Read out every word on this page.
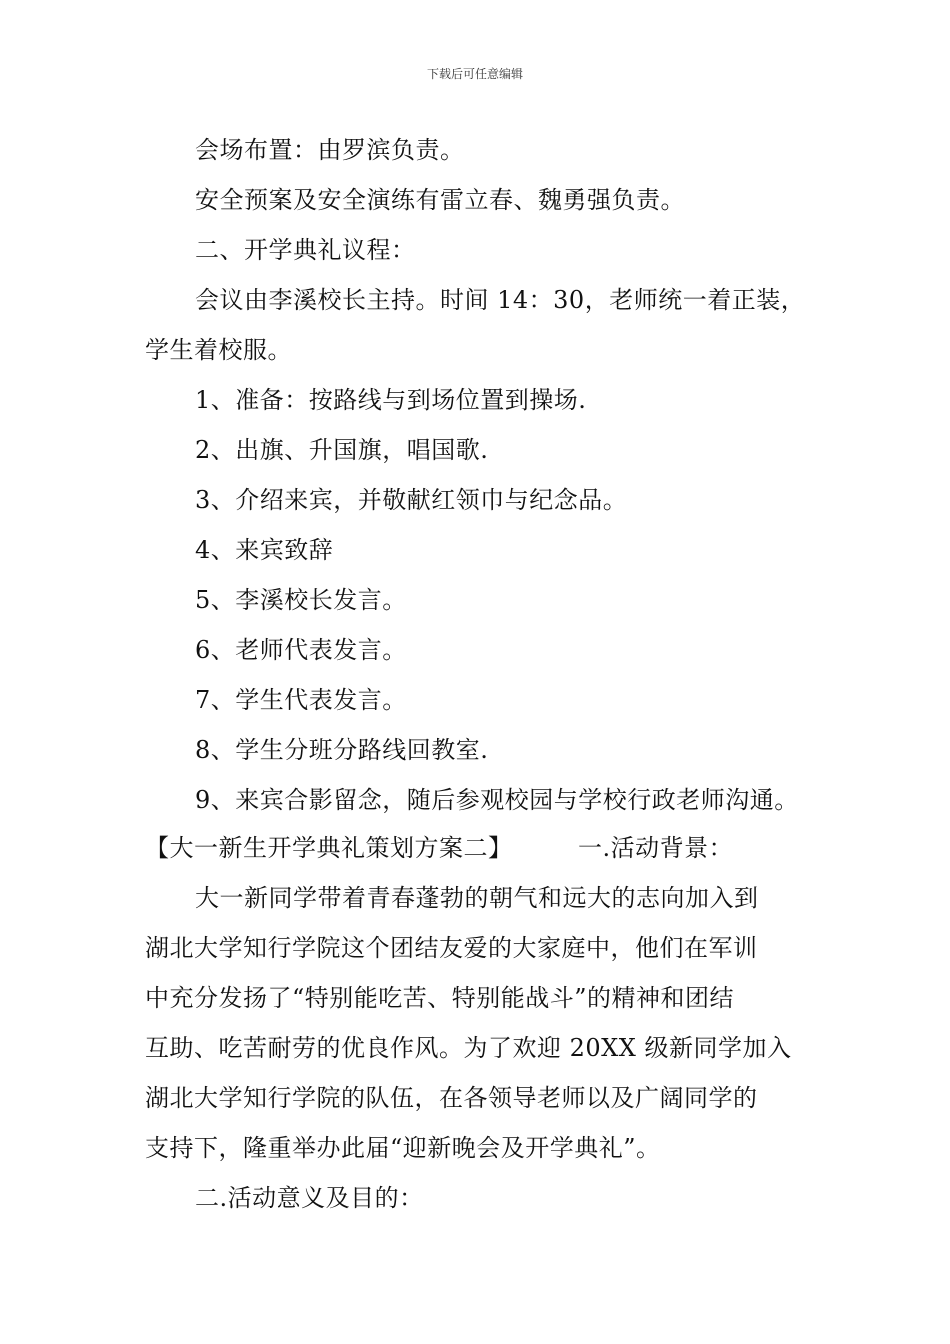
下载后可任意编辑
会场布置：由罗滨负责。
安全预案及安全演练有雷立春、魏勇强负责。
二、开学典礼议程：
会议由李溪校长主持。时间 14：30，老师统一着正装，
学生着校服。
1、准备：按路线与到场位置到操场.
2、出旗、升国旗，唱国歌.
3、介绍来宾，并敬献红领巾与纪念品。
4、来宾致辞
5、李溪校长发言。
6、老师代表发言。
7、学生代表发言。
8、学生分班分路线回教室.
9、来宾合影留念，随后参观校园与学校行政老师沟通。
【大一新生开学典礼策划方案二】	一.活动背景：
大一新同学带着青春蓬勃的朝气和远大的志向加入到
湖北大学知行学院这个团结友爱的大家庭中，他们在军训
中充分发扬了“特别能吃苦、特别能战斗”的精神和团结
互助、吃苦耐劳的优良作风。为了欢迎 20XX 级新同学加入
湖北大学知行学院的队伍，在各领导老师以及广阔同学的
支持下，隆重举办此届“迎新晚会及开学典礼”。
二.活动意义及目的：
